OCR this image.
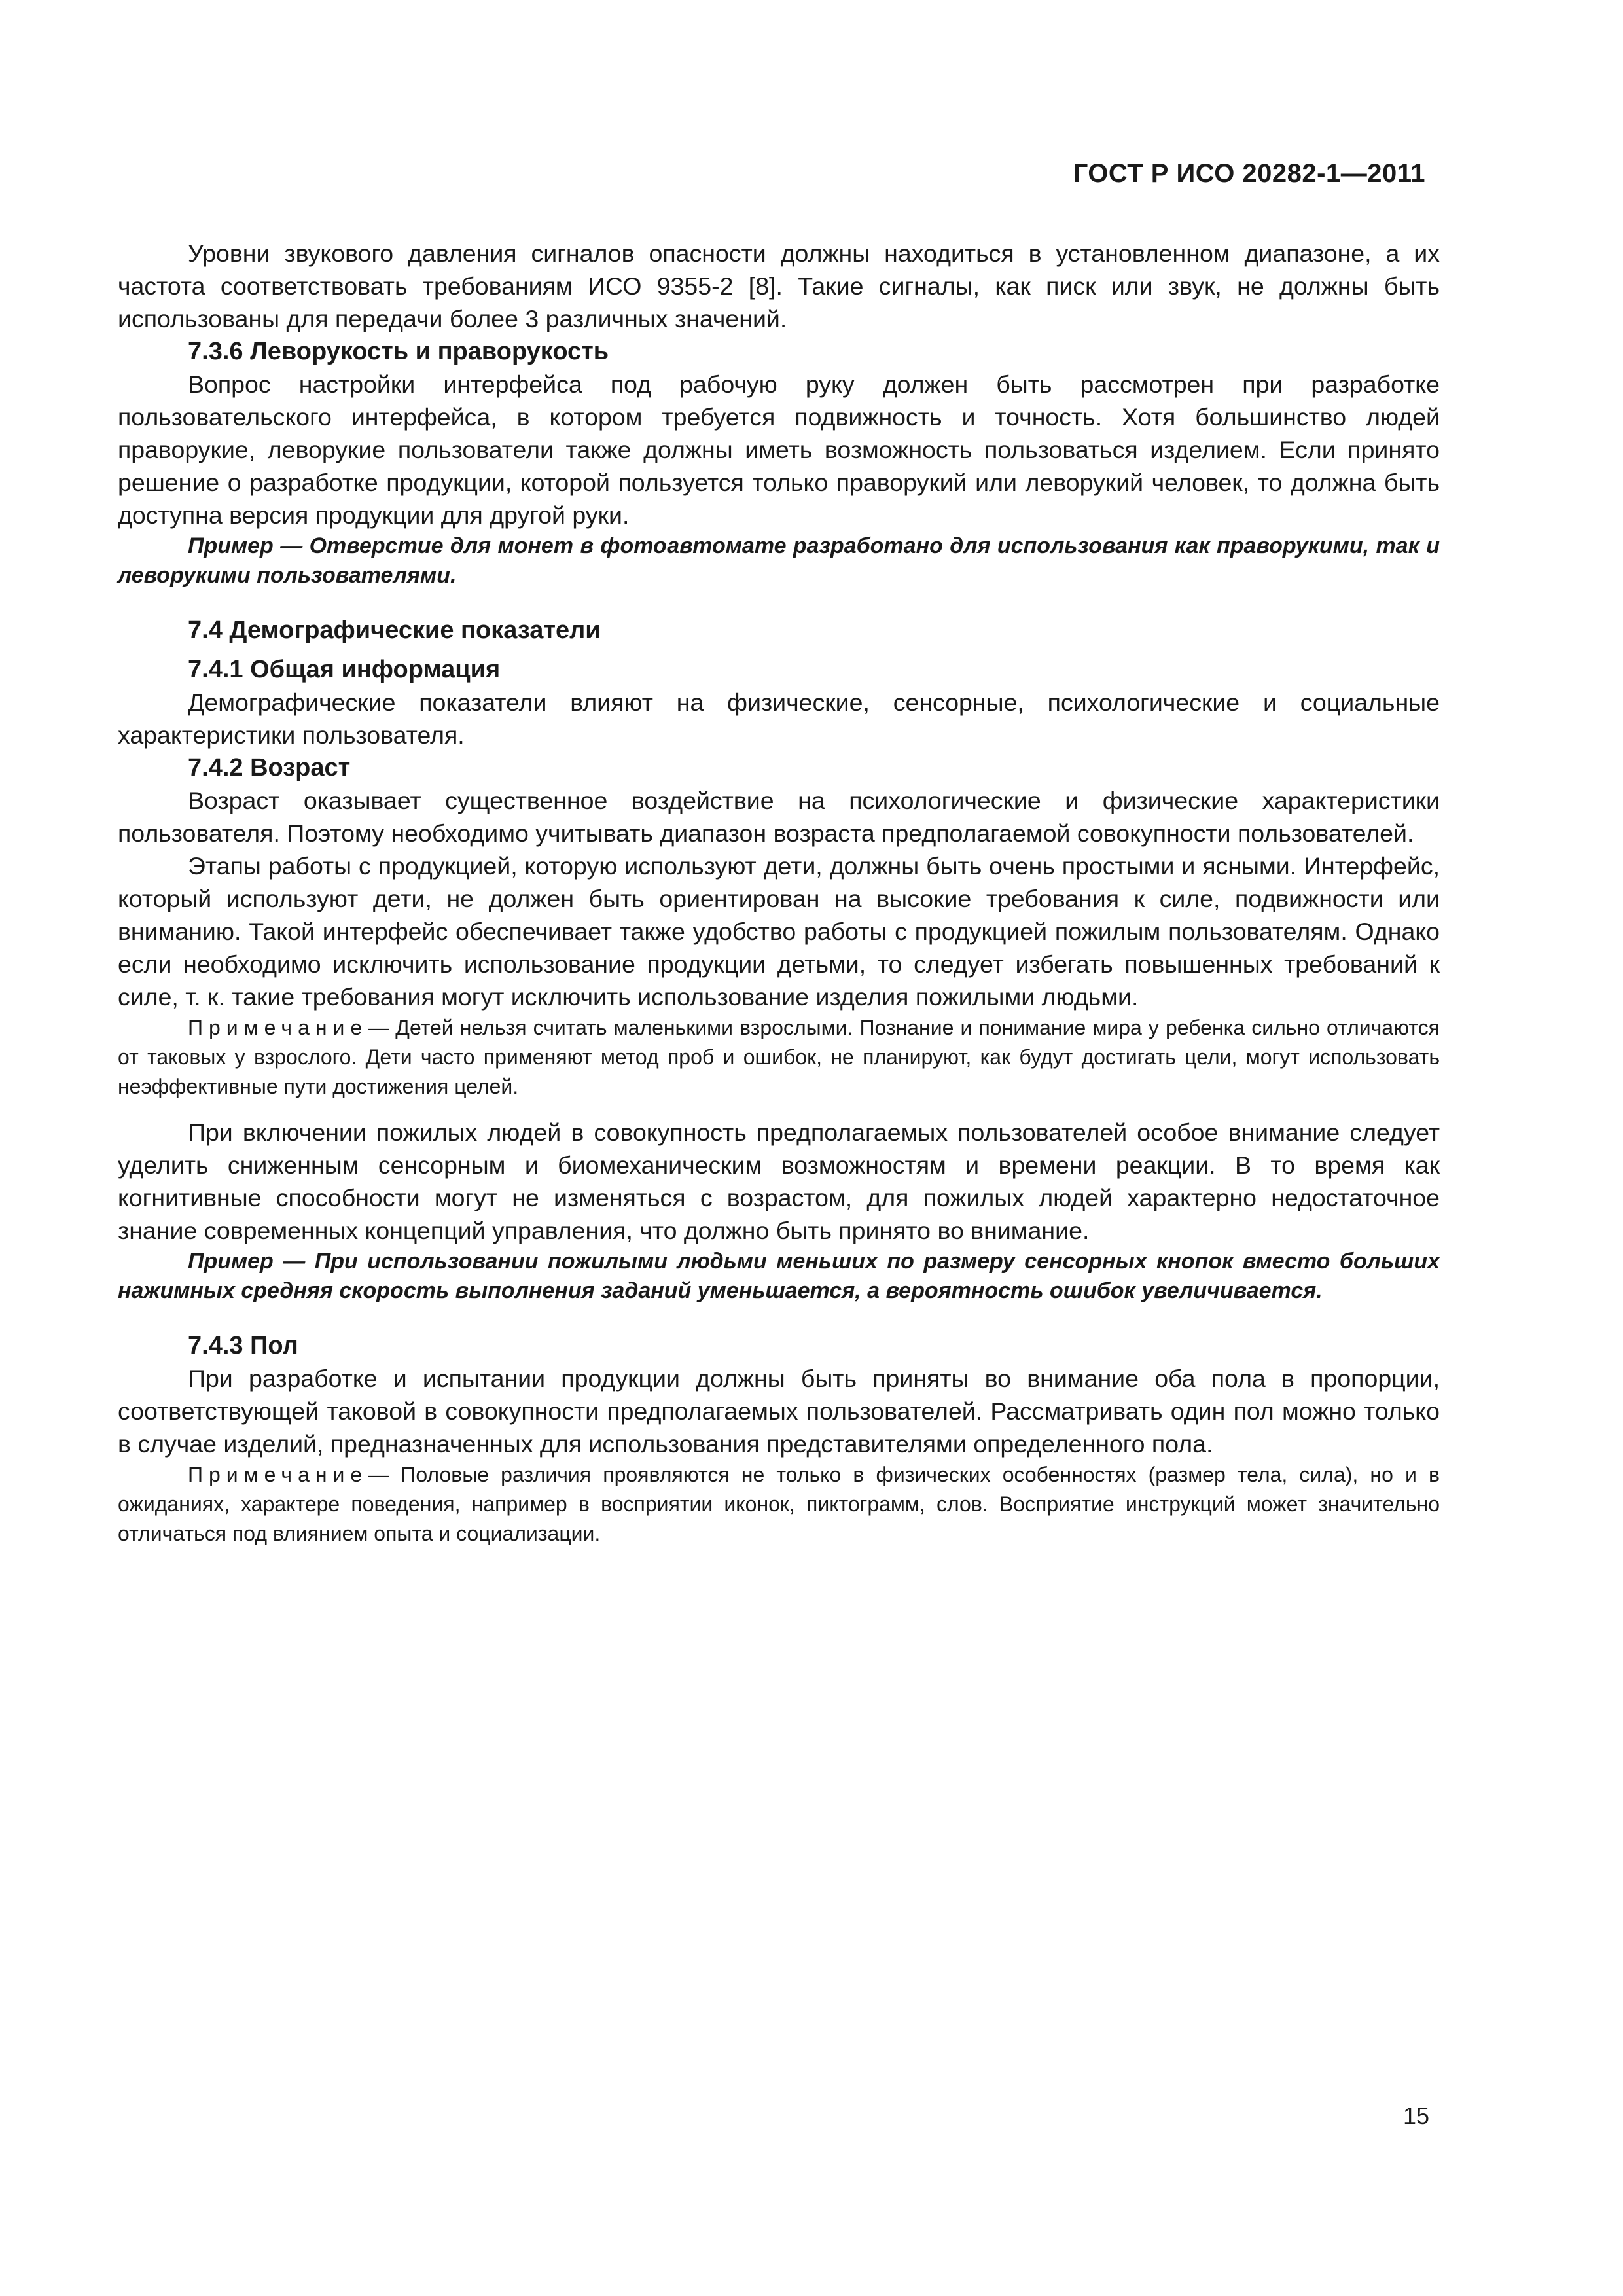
ГОСТ Р ИСО 20282-1—2011

Уровни звукового давления сигналов опасности должны находиться в установленном диапазоне, а их частота соответствовать требованиям ИСО 9355-2 [8]. Такие сигналы, как писк или звук, не должны быть использованы для передачи более 3 различных значений.

7.3.6 Леворукость и праворукость

Вопрос настройки интерфейса под рабочую руку должен быть рассмотрен при разработке пользовательского интерфейса, в котором требуется подвижность и точность. Хотя большинство людей праворукие, леворукие пользователи также должны иметь возможность пользоваться изделием. Если принято решение о разработке продукции, которой пользуется только праворукий или леворукий человек, то должна быть доступна версия продукции для другой руки.

Пример — Отверстие для монет в фотоавтомате разработано для использования как праворукими, так и леворукими пользователями.

7.4 Демографические показатели

7.4.1 Общая информация

Демографические показатели влияют на физические, сенсорные, психологические и социальные характеристики пользователя.

7.4.2 Возраст

Возраст оказывает существенное воздействие на психологические и физические характеристики пользователя. Поэтому необходимо учитывать диапазон возраста предполагаемой совокупности пользователей.

Этапы работы с продукцией, которую используют дети, должны быть очень простыми и ясными. Интерфейс, который используют дети, не должен быть ориентирован на высокие требования к силе, подвижности или вниманию. Такой интерфейс обеспечивает также удобство работы с продукцией пожилым пользователям. Однако если необходимо исключить использование продукции детьми, то следует избегать повышенных требований к силе, т. к. такие требования могут исключить использование изделия пожилыми людьми.

Примечание— Детей нельзя считать маленькими взрослыми. Познание и понимание мира у ребенка сильно отличаются от таковых у взрослого. Дети часто применяют метод проб и ошибок, не планируют, как будут достигать цели, могут использовать неэффективные пути достижения целей.

При включении пожилых людей в совокупность предполагаемых пользователей особое внимание следует уделить сниженным сенсорным и биомеханическим возможностям и времени реакции. В то время как когнитивные способности могут не изменяться с возрастом, для пожилых людей характерно недостаточное знание современных концепций управления, что должно быть принято во внимание.

Пример — При использовании пожилыми людьми меньших по размеру сенсорных кнопок вместо больших нажимных средняя скорость выполнения заданий уменьшается, а вероятность ошибок увеличивается.

7.4.3 Пол

При разработке и испытании продукции должны быть приняты во внимание оба пола в пропорции, соответствующей таковой в совокупности предполагаемых пользователей. Рассматривать один пол можно только в случае изделий, предназначенных для использования представителями определенного пола.

Примечание— Половые различия проявляются не только в физических особенностях (размер тела, сила), но и в ожиданиях, характере поведения, например в восприятии иконок, пиктограмм, слов. Восприятие инструкций может значительно отличаться под влиянием опыта и социализации.

15
